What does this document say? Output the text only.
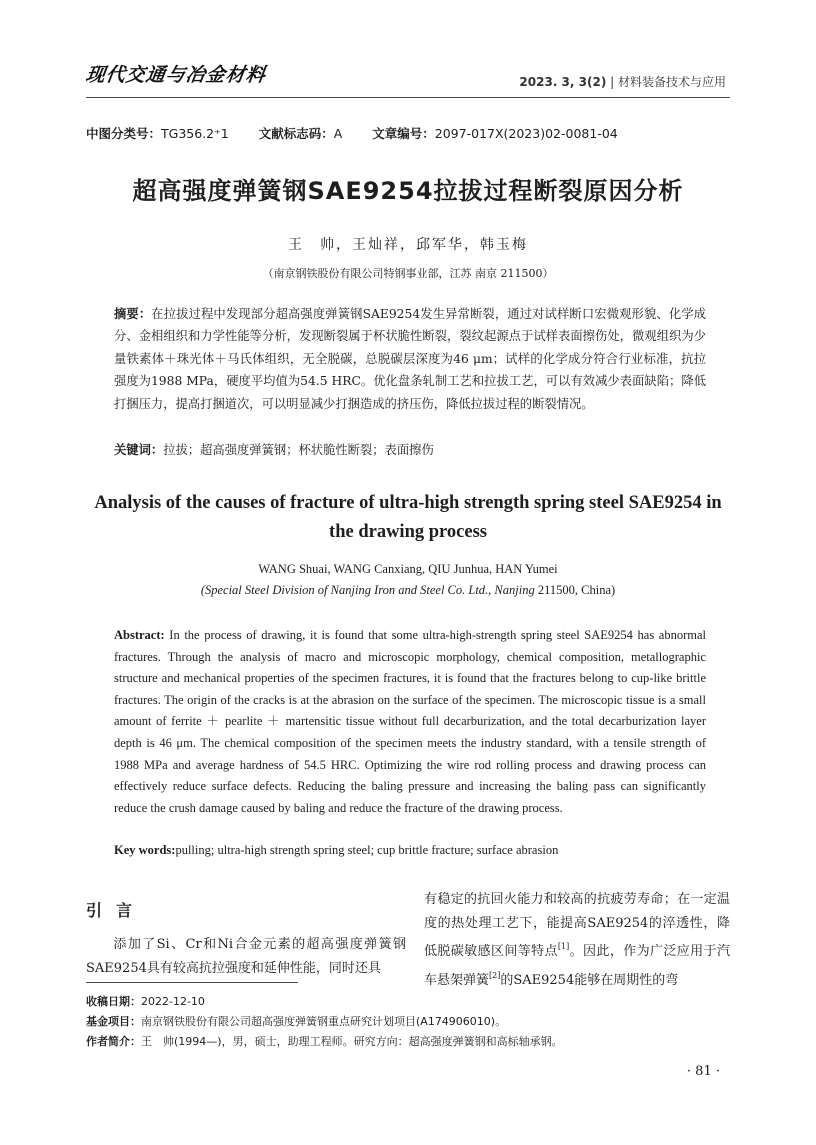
现代交通与冶金材料	2023. 3, 3(2) | 材料装备技术与应用
中图分类号：TG356.2⁺1 文献标志码：A 文章编号：2097-017X(2023)02-0081-04
超高强度弹簧钢SAE9254拉拔过程断裂原因分析
王　帅，王灿祥，邱军华，韩玉梅
（南京钢铁股份有限公司特钢事业部，江苏 南京 211500）
摘要：在拉拔过程中发现部分超高强度弹簧钢SAE9254发生异常断裂，通过对试样断口宏微观形貌、化学成分、金相组织和力学性能等分析，发现断裂属于杯状脆性断裂，裂纹起源点于试样表面擦伤处，微观组织为少量铁素体＋珠光体＋马氏体组织，无全脱碳，总脱碳层深度为46 μm；试样的化学成分符合行业标准，抗拉强度为1988 MPa，硬度平均值为54.5 HRC。优化盘条轧制工艺和拉拔工艺，可以有效减少表面缺陷；降低打捆压力，提高打捆道次，可以明显减少打捆造成的挤压伤，降低拉拔过程的断裂情况。
关键词：拉拔；超高强度弹簧钢；杯状脆性断裂；表面擦伤
Analysis of the causes of fracture of ultra-high strength spring steel SAE9254 in the drawing process
WANG Shuai, WANG Canxiang, QIU Junhua, HAN Yumei
(Special Steel Division of Nanjing Iron and Steel Co. Ltd., Nanjing 211500, China)
Abstract: In the process of drawing, it is found that some ultra-high-strength spring steel SAE9254 has abnormal fractures. Through the analysis of macro and microscopic morphology, chemical composition, metallographic structure and mechanical properties of the specimen fractures, it is found that the fractures belong to cup-like brittle fractures. The origin of the cracks is at the abrasion on the surface of the specimen. The microscopic tissue is a small amount of ferrite ＋ pearlite ＋ martensitic tissue without full decarburization, and the total decarburization layer depth is 46 μm. The chemical composition of the specimen meets the industry standard, with a tensile strength of 1988 MPa and average hardness of 54.5 HRC. Optimizing the wire rod rolling process and drawing process can effectively reduce surface defects. Reducing the baling pressure and increasing the baling pass can significantly reduce the crush damage caused by baling and reduce the fracture of the drawing process.
Key words:pulling; ultra-high strength spring steel; cup brittle fracture; surface abrasion
引言
添加了Si、Cr和Ni合金元素的超高强度弹簧钢SAE9254具有较高抗拉强度和延伸性能，同时还具
有稳定的抗回火能力和较高的抗疲劳寿命；在一定温度的热处理工艺下，能提高SAE9254的淬透性，降低脱碳敏感区间等特点[1]。因此，作为广泛应用于汽车悬架弹簧[2]的SAE9254能够在周期性的弯
收稿日期：2022-12-10
基金项目：南京钢铁股份有限公司超高强度弹簧钢重点研究计划项目(A174906010)。
作者简介：王　帅(1994—)，男，硕士，助理工程师。研究方向：超高强度弹簧钢和高标轴承钢。
· 81 ·
